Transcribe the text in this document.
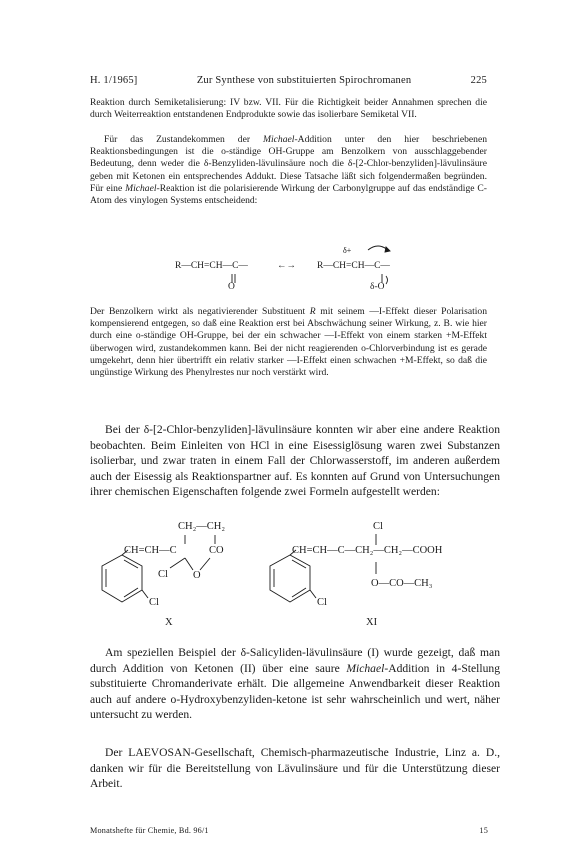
H. 1/1965]	Zur Synthese von substituierten Spirochromanen	225

Reaktion durch Semiketalisierung: IV bzw. VII. Für die Richtigkeit beider Annahmen sprechen die durch Weiterreaktion entstandenen Endprodukte sowie das isolierbare Semiketal VII.

Für das Zustandekommen der Michael-Addition unter den hier beschriebenen Reaktionsbedingungen ist die o-ständige OH-Gruppe am Benzolkern von ausschlaggebender Bedeutung, denn weder die δ-Benzyliden-lävulinsäure noch die δ-[2-Chlor-benzyliden]-lävulinsäure geben mit Ketonen ein entsprechendes Addukt. Diese Tatsache läßt sich folgendermaßen begründen. Für eine Michael-Reaktion ist die polarisierende Wirkung der Carbonylgruppe auf das endständige C-Atom des vinylogen Systems entscheidend:

R—CH=CH—C—
O
←→ R—CH=CH—C—
δ+
δ-O

Der Benzolkern wirkt als negativierender Substituent R mit seinem —I-Effekt dieser Polarisation kompensierend entgegen, so daß eine Reaktion erst bei Abschwächung seiner Wirkung, z. B. wie hier durch eine o-ständige OH-Gruppe, bei der ein schwacher —I-Effekt von einem starken +M-Effekt überwogen wird, zustandekommen kann. Bei der nicht reagierenden o-Chlorverbindung ist es gerade umgekehrt, denn hier übertrifft ein relativ starker —I-Effekt einen schwachen +M-Effekt, so daß die ungünstige Wirkung des Phenylrestes nur noch verstärkt wird.

Bei der δ-[2-Chlor-benzyliden]-lävulinsäure konnten wir aber eine andere Reaktion beobachten. Beim Einleiten von HCl in eine Eisessiglösung waren zwei Substanzen isolierbar, und zwar traten in einem Fall der Chlorwasserstoff, im anderen außerdem auch der Eisessig als Reaktionspartner auf. Es konnten auf Grund von Untersuchungen ihrer chemischen Eigenschaften folgende zwei Formeln aufgestellt werden:

CH₂—CH₂
CH=CH—C	CO
Cl O
Cl
X
Cl
CH=CH—C—CH₂—CH₂—COOH
O—CO—CH₃
Cl
XI

Am speziellen Beispiel der δ-Salicyliden-lävulinsäure (I) wurde gezeigt, daß man durch Addition von Ketonen (II) über eine saure Michael-Addition in 4-Stellung substituierte Chromanderivate erhält. Die allgemeine Anwendbarkeit dieser Reaktion auch auf andere o-Hydroxybenzyliden-ketone ist sehr wahrscheinlich und wert, näher untersucht zu werden.

Der LAEVOSAN-Gesellschaft, Chemisch-pharmazeutische Industrie, Linz a. D., danken wir für die Bereitstellung von Lävulinsäure und für die Unterstützung dieser Arbeit.

Monatshefte für Chemie, Bd. 96/1	15
